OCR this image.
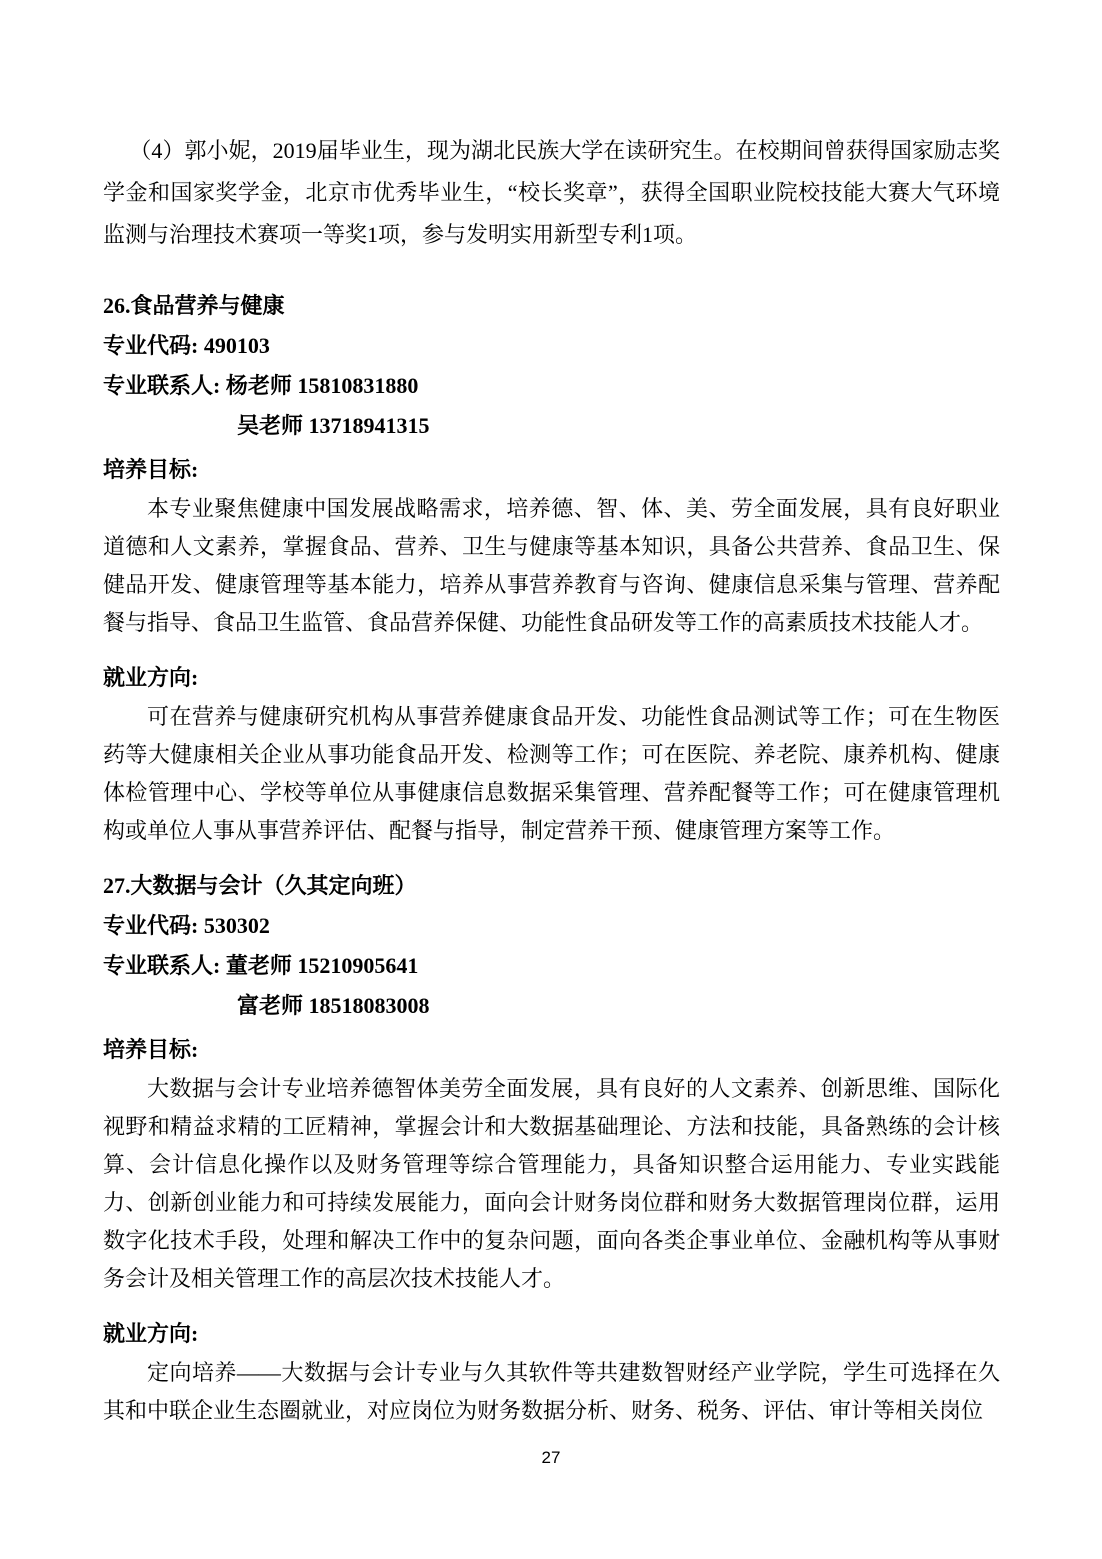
（4）郭小妮，2019届毕业生，现为湖北民族大学在读研究生。在校期间曾获得国家励志奖学金和国家奖学金，北京市优秀毕业生，“校长奖章”，获得全国职业院校技能大赛大气环境监测与治理技术赛项一等奖1项，参与发明实用新型专利1项。

26.食品营养与健康

专业代码: 490103

专业联系人: 杨老师 15810831880

吴老师 13718941315

培养目标:

本专业聚焦健康中国发展战略需求，培养德、智、体、美、劳全面发展，具有良好职业道德和人文素养，掌握食品、营养、卫生与健康等基本知识，具备公共营养、食品卫生、保健品开发、健康管理等基本能力，培养从事营养教育与咨询、健康信息采集与管理、营养配餐与指导、食品卫生监管、食品营养保健、功能性食品研发等工作的高素质技术技能人才。

就业方向:

可在营养与健康研究机构从事营养健康食品开发、功能性食品测试等工作；可在生物医药等大健康相关企业从事功能食品开发、检测等工作；可在医院、养老院、康养机构、健康体检管理中心、学校等单位从事健康信息数据采集管理、营养配餐等工作；可在健康管理机构或单位人事从事营养评估、配餐与指导，制定营养干预、健康管理方案等工作。

27.大数据与会计（久其定向班）

专业代码: 530302

专业联系人: 董老师 15210905641

富老师 18518083008

培养目标:

大数据与会计专业培养德智体美劳全面发展，具有良好的人文素养、创新思维、国际化视野和精益求精的工匠精神，掌握会计和大数据基础理论、方法和技能，具备熟练的会计核算、会计信息化操作以及财务管理等综合管理能力，具备知识整合运用能力、专业实践能力、创新创业能力和可持续发展能力，面向会计财务岗位群和财务大数据管理岗位群，运用数字化技术手段，处理和解决工作中的复杂问题，面向各类企事业单位、金融机构等从事财务会计及相关管理工作的高层次技术技能人才。

就业方向:

定向培养——大数据与会计专业与久其软件等共建数智财经产业学院，学生可选择在久其和中联企业生态圈就业，对应岗位为财务数据分析、财务、税务、评估、审计等相关岗位

27
